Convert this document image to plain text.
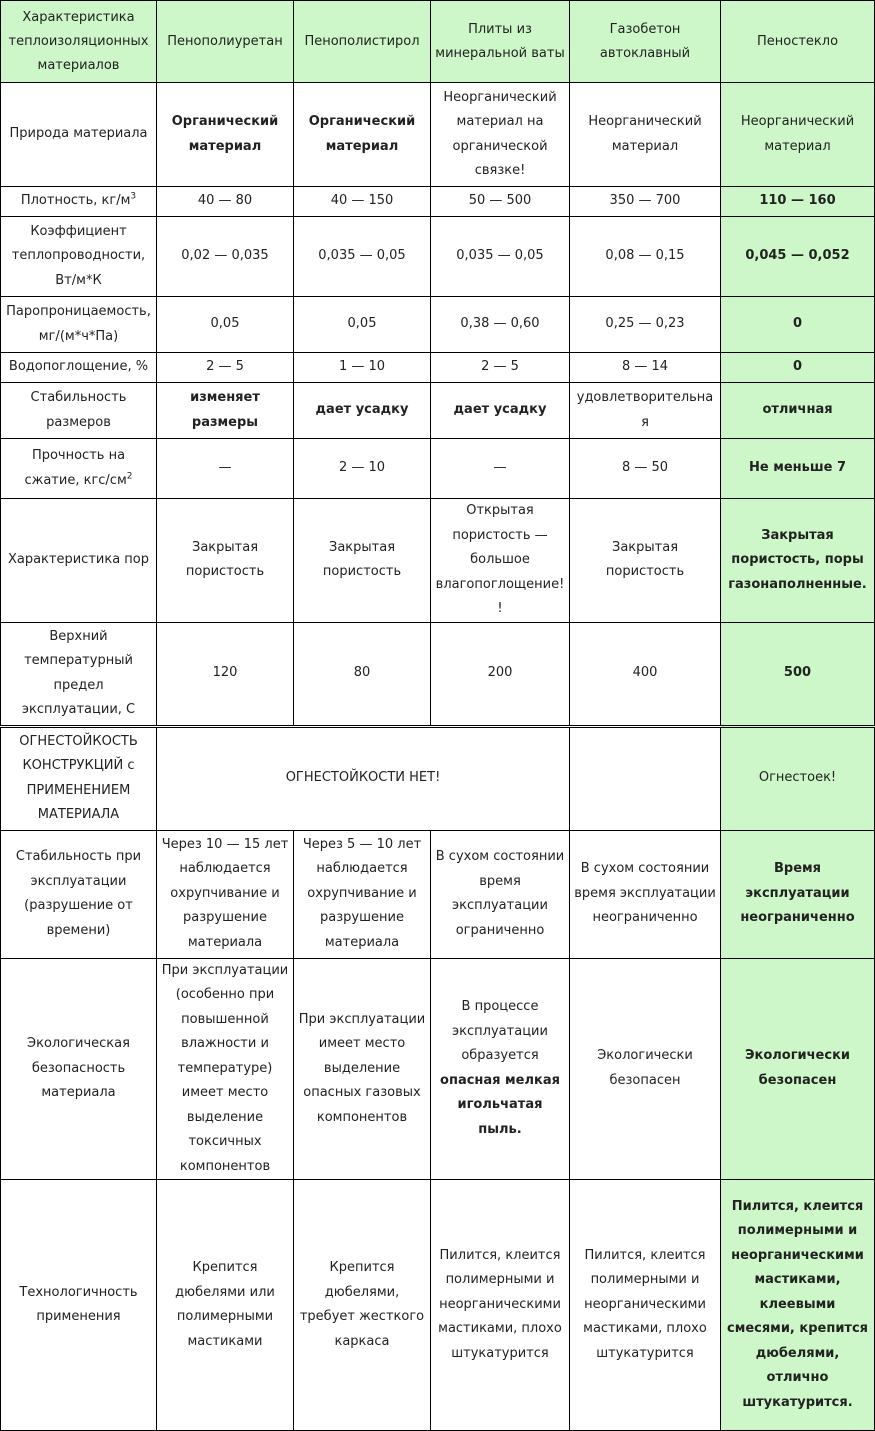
Характеристика теплоизоляционных материалов	Пенополиуретан	Пенополистирол	Плиты из минеральной ваты	Газобетон автоклавный	Пеностекло
Природа материала	Органический материал	Органический материал	Неорганический материал на органической связке!	Неорганический материал	Неорганический материал
Плотность, $кг/м^3$	40 — 80	40 — 150	50 — 500	350 — 700	110 — 160
Коэффициент теплопроводности, Вт/м*К	0,02 — 0,035	0,035 — 0,05	0,035 — 0,05	0,08 — 0,15	0,045 — 0,052
Паропроницаемость, мг/(м*ч*Па)	0,05	0,05	0,38 — 0,60	0,25 — 0,23	0
Водопоглощение, %	2 — 5	1 — 10	2 — 5	8 — 14	0
Стабильность размеров	изменяет размеры	дает усадку	дает усадку	удовлетворительная	отличная
Прочность на сжатие, кгс/$см^2$	—	2 — 10	—	8 — 50	Не меньше 7
Характеристика пор	Закрытая пористость	Закрытая пористость	Открытая пористость — большое влагопоглощение!!	Закрытая пористость	Закрытая пористость, поры газонаполненные.
Верхний температурный предел эксплуатации, С	120	80	200	400	500
ОГНЕСТОЙКОСТЬ КОНСТРУКЦИЙ с ПРИМЕНЕНИЕМ МАТЕРИАЛА	ОГНЕСТОЙКОСТИ НЕТ!				Огнестоек!
Стабильность при эксплуатации (разрушение от времени)	Через 10 — 15 лет наблюдается охрупчивание и разрушение материала	Через 5 — 10 лет наблюдается охрупчивание и разрушение материала	В сухом состоянии время эксплуатации ограниченно	В сухом состоянии время эксплуатации неограниченно	Время эксплуатации неограниченно
Экологическая безопасность материала	При эксплуатации (особенно при повышенной влажности и температуре) имеет место выделение токсичных компонентов	При эксплуатации имеет место выделение опасных газовых компонентов	В процессе эксплуатации образуется опасная мелкая игольчатая пыль.	Экологически безопасен	Экологически безопасен
Технологичность применения	Крепится дюбелями или полимерными мастиками	Крепится дюбелями, требует жесткого каркаса	Пилится, клеится полимерными и неорганическими мастиками, плохо штукатурится	Пилится, клеится полимерными и неорганическими мастиками, плохо штукатурится	Пилится, клеится полимерными и неорганическими мастиками, клеевыми смесями, крепится дюбелями, отлично штукатурится.
